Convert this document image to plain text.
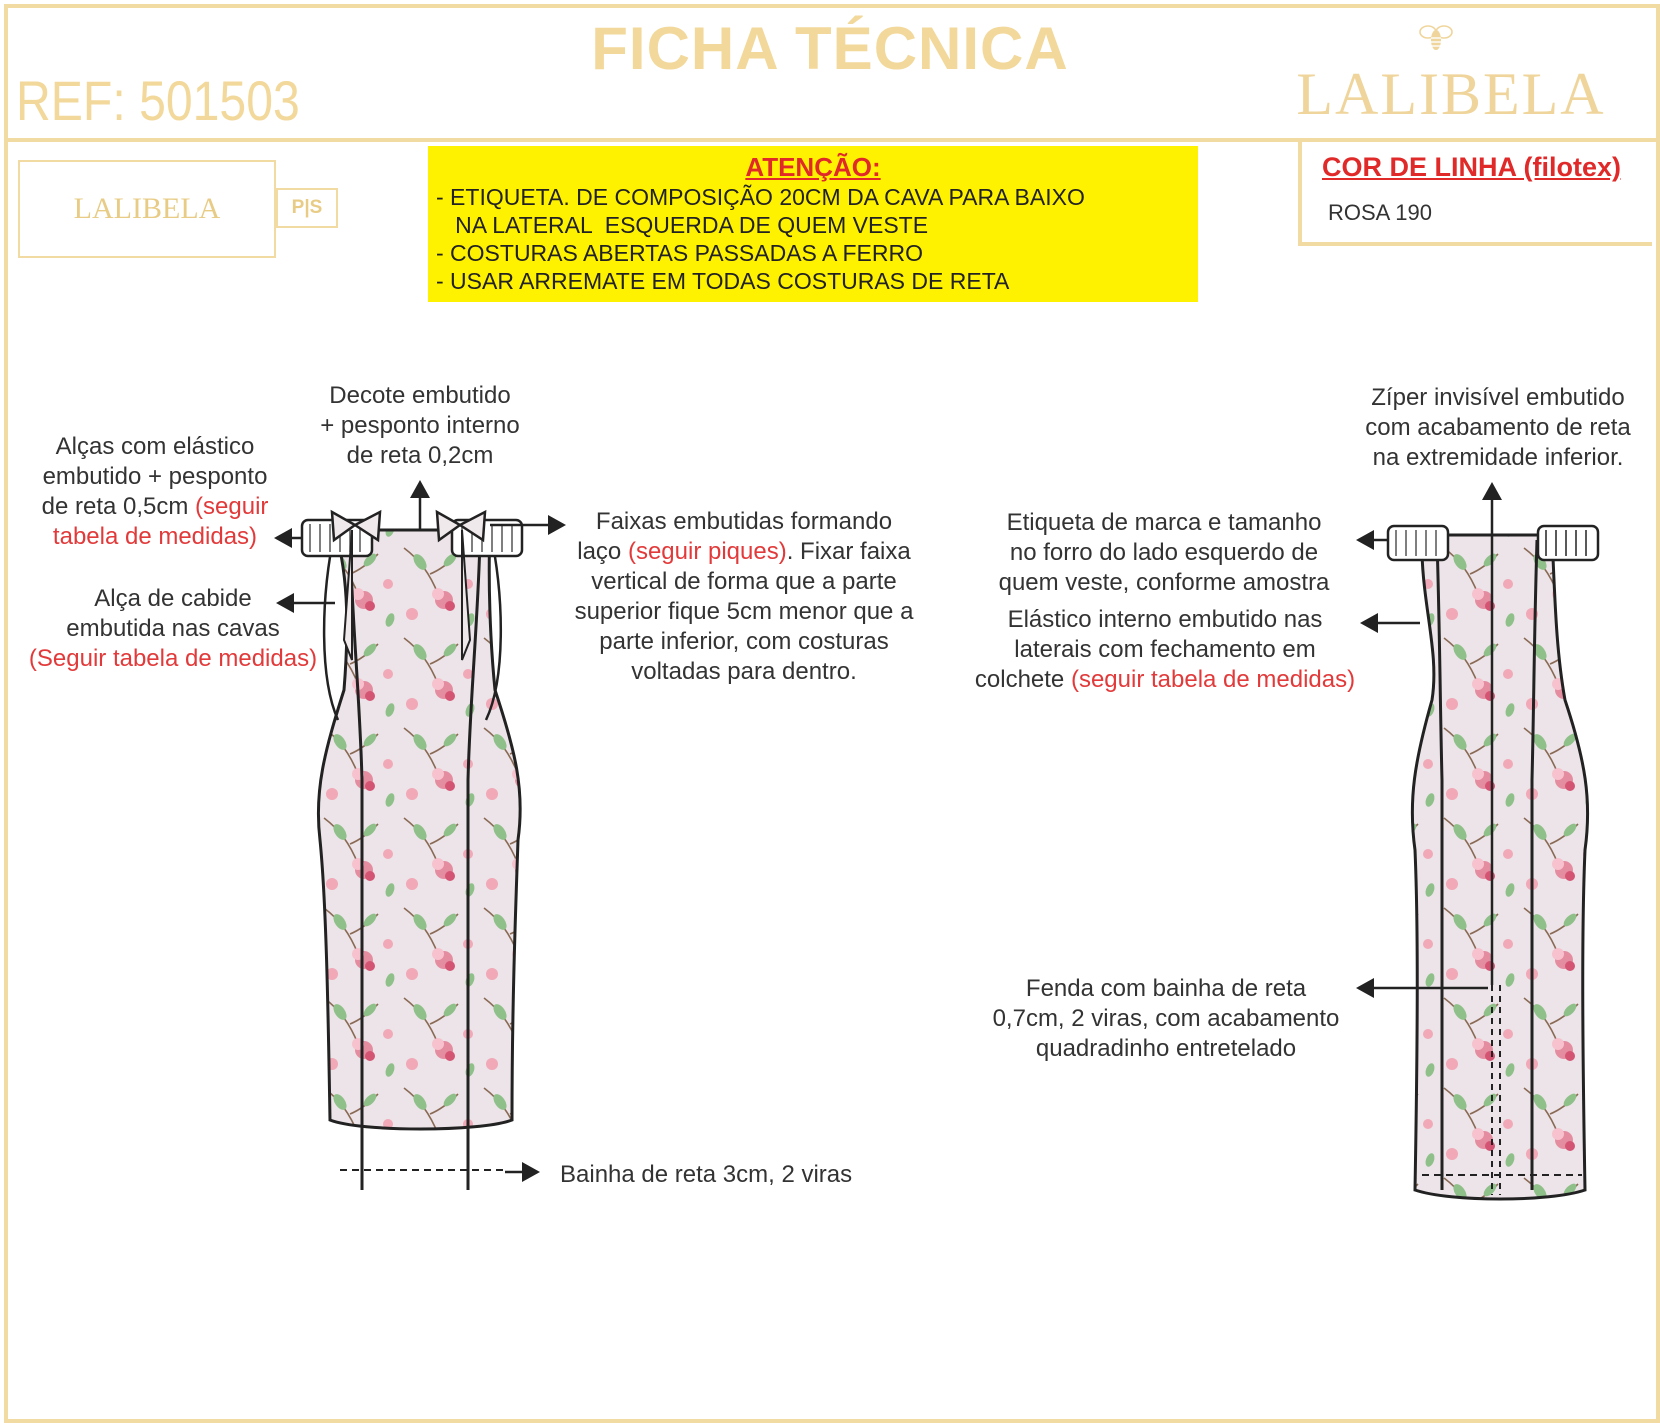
FICHA TÉCNICA
REF: 501503	LALIBELA
LALIBELA	P|S
ATENÇÃO:
- ETIQUETA. DE COMPOSIÇÃO 20CM DA CAVA PARA BAIXO
NA LATERAL  ESQUERDA DE QUEM VESTE
- COSTURAS ABERTAS PASSADAS A FERRO
- USAR ARREMATE EM TODAS COSTURAS DE RETA
COR DE LINHA (filotex)
ROSA 190
Decote embutido
+ pesponto interno
de reta 0,2cm
Alças com elástico
embutido + pesponto
de reta 0,5cm (seguir
tabela de medidas)
Alça de cabide
embutida nas cavas
(Seguir tabela de medidas)
Faixas embutidas formando
laço (seguir piques). Fixar faixa
vertical de forma que a parte
superior fique 5cm menor que a
parte inferior, com costuras
voltadas para dentro.
Bainha de reta 3cm, 2 viras
Zíper invisível embutido
com acabamento de reta
na extremidade inferior.
Etiqueta de marca e tamanho
no forro do lado esquerdo de
quem veste, conforme amostra
Elástico interno embutido nas
laterais com fechamento em
colchete (seguir tabela de medidas)
Fenda com bainha de reta
0,7cm, 2 viras, com acabamento
quadradinho entretelado
